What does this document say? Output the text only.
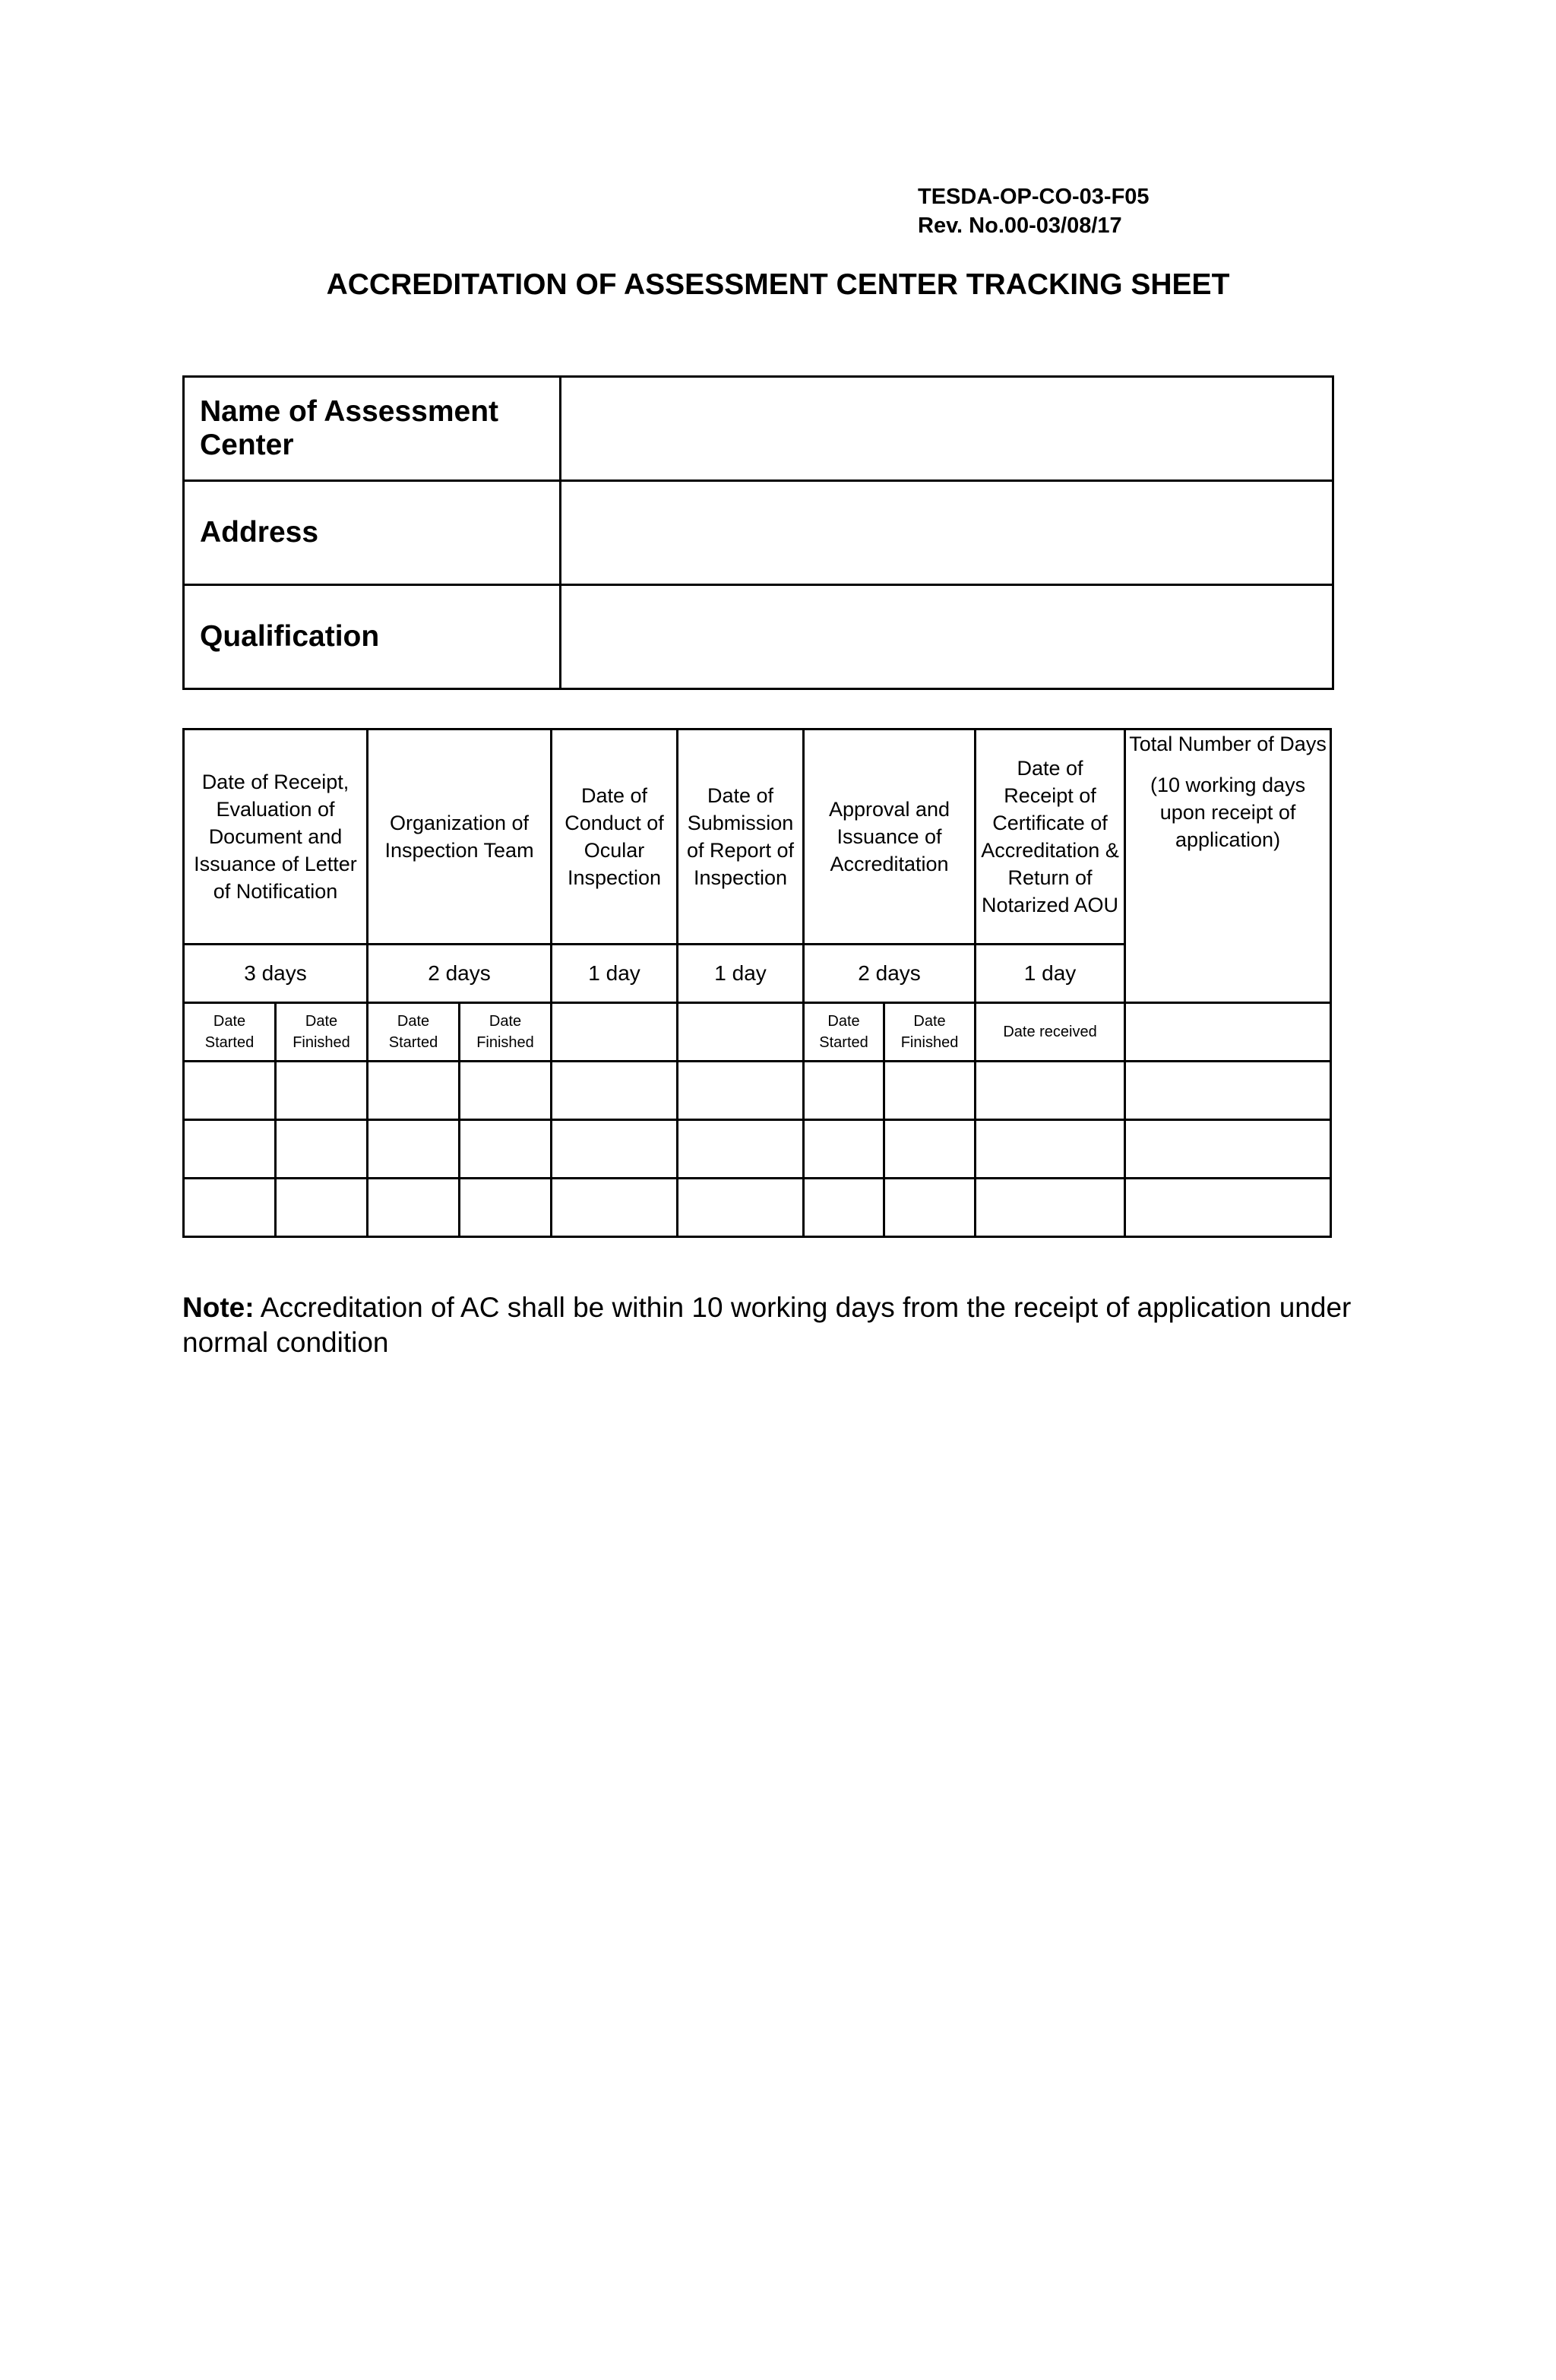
TESDA-OP-CO-03-F05
Rev. No.00-03/08/17
ACCREDITATION OF ASSESSMENT CENTER TRACKING SHEET
Name of Assessment Center	
Address	
Qualification	
Date of Receipt, Evaluation of Document and Issuance of Letter of Notification		Organization of Inspection Team		Date of Conduct of Ocular Inspection	Date of Submission of Report of Inspection	Approval and Issuance of Accreditation		Date of Receipt of Certificate of Accreditation & Return of Notarized AOU	Total Number of Days
(10 working days upon receipt of application)
3 days		2 days		1 day	1 day	2 days		1 day	
Date Started	Date Finished	Date Started	Date Finished			Date Started	Date Finished	Date received	

Note: Accreditation of AC shall be within 10 working days from the receipt of application under normal condition
